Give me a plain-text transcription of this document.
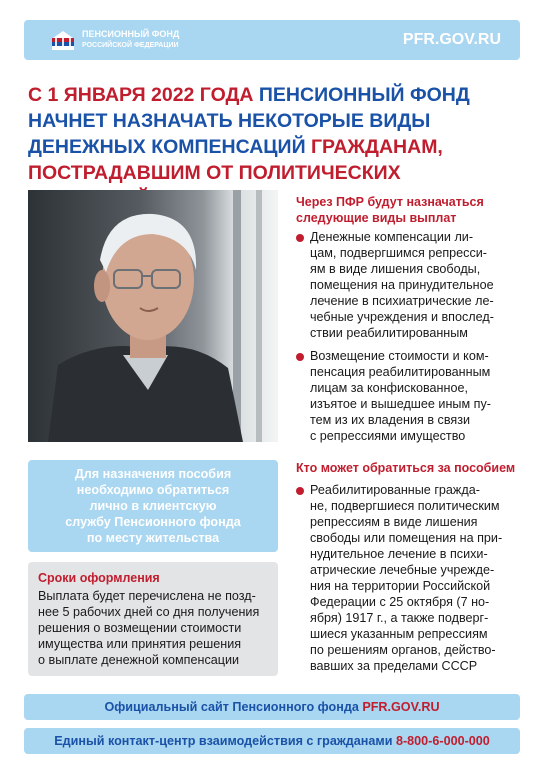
ПЕНСИОННЫЙ ФОНД
РОССИЙСКОЙ ФЕДЕРАЦИИ	PFR.GOV.RU
С 1 ЯНВАРЯ 2022 ГОДА ПЕНСИОННЫЙ ФОНД
НАЧНЕТ НАЗНАЧАТЬ НЕКОТОРЫЕ ВИДЫ
ДЕНЕЖНЫХ КОМПЕНСАЦИЙ ГРАЖДАНАМ,
ПОСТРАДАВШИМ ОТ ПОЛИТИЧЕСКИХ
Через ПФР будут назначаться
следующие виды выплат
Денежные компенсации ли-
цам, подвергшимся репресси-
ям в виде лишения свободы,
помещения на принудительное
лечение в психиатрические ле-
чебные учреждения и впослед-
ствии реабилитированным
Возмещение стоимости и ком-
пенсация реабилитированным
лицам за конфискованное,
изъятое и вышедшее иным пу-
тем из их владения в связи
с репрессиями имущество
Кто может обратиться за пособием
Реабилитированные гражда-
не, подвергшиеся политическим
репрессиям в виде лишения
свободы или помещения на при-
нудительное лечение в психи-
атрические лечебные учрежде-
ния на территории Российской
Федерации с 25 октября (7 но-
ября) 1917 г., а также подверг-
шиеся указанным репрессиям
по решениям органов, действо-
вавших за пределами СССР
Для назначения пособия
необходимо обратиться
лично в клиентскую
службу Пенсионного фонда
по месту жительства
Сроки оформления
Выплата будет перечислена не позд-
нее 5 рабочих дней со дня получения
решения о возмещении стоимости
имущества или принятия решения
о выплате денежной компенсации
Официальный сайт Пенсионного фонда PFR.GOV.RU
Единый контакт-центр взаимодействия с гражданами 8-800-6-000-000
